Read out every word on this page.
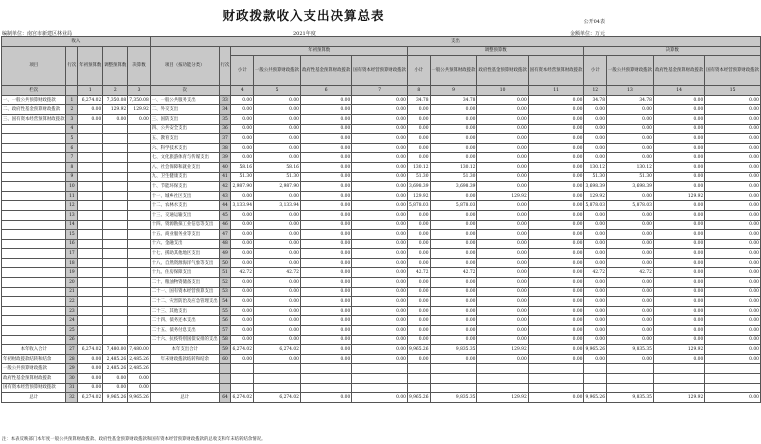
财政拨款收入支出决算总表	公开04表
编制单位：南宫市新建区林业局	2021年度	金额单位：万元
收入					支出													
项目	行次	年初预算数	调整预算数	决算数	项目（按功能分类）	行次	年初预算数				调整预算数				决算数			
							小计	一般公共预算财政拨款	政府性基金预算财政拨款	国有资本经营预算财政拨款	小计	一般公共预算财政拨款	政府性基金预算财政拨款	国有资本经营预算财政拨款	小计	一般公共预算财政拨款	政府性基金预算财政拨款	国有资本经营预算财政拨款
栏次		1	2	3	次		4	5	6	7	8	9	10	11	12	13	14	15
一、一般公共预算财政拨款	1	6,274.02	7,350.08	7,350.08	一、一般公共服务支出	33	0.00	0.00	0.00	0.00	34.78	34.78	0.00	0.00	34.78	34.78	0.00	0.00
二、政府性基金预算财政拨款	2	0.00	129.92	129.92	二、外交支出	34	0.00	0.00	0.00	0.00	0.00	0.00	0.00	0.00	0.00	0.00	0.00	0.00
三、国有资本经营预算财政拨款	3	0.00	0.00	0.00	三、国防支出	35	0.00	0.00	0.00	0.00	0.00	0.00	0.00	0.00	0.00	0.00	0.00	0.00
	4				四、公共安全支出	36	0.00	0.00	0.00	0.00	0.00	0.00	0.00	0.00	0.00	0.00	0.00	0.00
	5				五、教育支出	37	0.00	0.00	0.00	0.00	0.00	0.00	0.00	0.00	0.00	0.00	0.00	0.00
	6				六、科学技术支出	38	0.00	0.00	0.00	0.00	0.00	0.00	0.00	0.00	0.00	0.00	0.00	0.00
	7				七、文化旅游体育与传媒支出	39	0.00	0.00	0.00	0.00	0.00	0.00	0.00	0.00	0.00	0.00	0.00	0.00
	8				八、社会保障和就业支出	40	58.16	58.16	0.00	0.00	130.12	130.12	0.00	0.00	130.12	130.12	0.00	0.00
	9				九、卫生健康支出	41	51.30	51.30	0.00	0.00	51.30	51.30	0.00	0.00	51.30	51.30	0.00	0.00
	10				十、节能环保支出	42	2,987.90	2,987.90	0.00	0.00	3,698.39	3,698.39	0.00	0.00	3,698.39	3,698.39	0.00	0.00
	11				十一、城乡社区支出	43	0.00	0.00	0.00	0.00	129.92	0.00	129.92	0.00	129.92	0.00	129.92	0.00
	12				十二、农林水支出	44	3,133.94	3,133.94	0.00	0.00	5,878.03	5,878.03	0.00	0.00	5,878.03	5,878.03	0.00	0.00
	13				十三、交通运输支出	45	0.00	0.00	0.00	0.00	0.00	0.00	0.00	0.00	0.00	0.00	0.00	0.00
	14				十四、资源勘探工业信息等支出	46	0.00	0.00	0.00	0.00	0.00	0.00	0.00	0.00	0.00	0.00	0.00	0.00
	15				十五、商业服务业等支出	47	0.00	0.00	0.00	0.00	0.00	0.00	0.00	0.00	0.00	0.00	0.00	0.00
	16				十六、金融支出	48	0.00	0.00	0.00	0.00	0.00	0.00	0.00	0.00	0.00	0.00	0.00	0.00
	17				十七、援助其他地区支出	49	0.00	0.00	0.00	0.00	0.00	0.00	0.00	0.00	0.00	0.00	0.00	0.00
	18				十八、自然资源海洋气象等支出	50	0.00	0.00	0.00	0.00	0.00	0.00	0.00	0.00	0.00	0.00	0.00	0.00
	19				十九、住房保障支出	51	42.72	42.72	0.00	0.00	42.72	42.72	0.00	0.00	42.72	42.72	0.00	0.00
	20				二十、粮油物资储备支出	52	0.00	0.00	0.00	0.00	0.00	0.00	0.00	0.00	0.00	0.00	0.00	0.00
	21				二十一、国有资本经营预算支出	53	0.00	0.00	0.00	0.00	0.00	0.00	0.00	0.00	0.00	0.00	0.00	0.00
	22				二十二、灾害防治及应急管理支出	54	0.00	0.00	0.00	0.00	0.00	0.00	0.00	0.00	0.00	0.00	0.00	0.00
	23				二十三、其他支出	55	0.00	0.00	0.00	0.00	0.00	0.00	0.00	0.00	0.00	0.00	0.00	0.00
	24				二十四、债务还本支出	56	0.00	0.00	0.00	0.00	0.00	0.00	0.00	0.00	0.00	0.00	0.00	0.00
	25				二十五、债务付息支出	57	0.00	0.00	0.00	0.00	0.00	0.00	0.00	0.00	0.00	0.00	0.00	0.00
	26				二十六、抗疫特别国债安排的支出	58	0.00	0.00	0.00	0.00	0.00	0.00	0.00	0.00	0.00	0.00	0.00	0.00
本年收入合计	27	6,274.02	7,480.00	7,480.00	本年支出合计	59	6,274.02	6,274.02	0.00	0.00	9,965.26	9,835.35	129.92	0.00	9,965.26	9,835.35	129.92	0.00
年初财政拨款结转和结余	28	0.00	2,485.26	2,485.26	年末财政拨款结转和结余	60	0.00	0.00	0.00	0.00	0.00	0.00	0.00	0.00	0.00	0.00	0.00	0.00
一般公共预算财政拨款	29	0.00	2,485.26	2,485.26														
政府性基金预算财政拨款	30	0.00	0.00	0.00														
国有资本经营预算财政拨款	31	0.00	0.00	0.00														
总计	32	6,274.02	9,965.26	9,965.26	总计	64	6,274.02	6,274.02	0.00	0.00	9,965.26	9,835.35	129.92	0.00	9,965.26	9,835.35	129.92	0.00
注：本表反映部门本年度一般公共预算财政拨款、政府性基金预算财政拨款和国有资本经营预算财政拨款的总收支和年末结转结余情况。
